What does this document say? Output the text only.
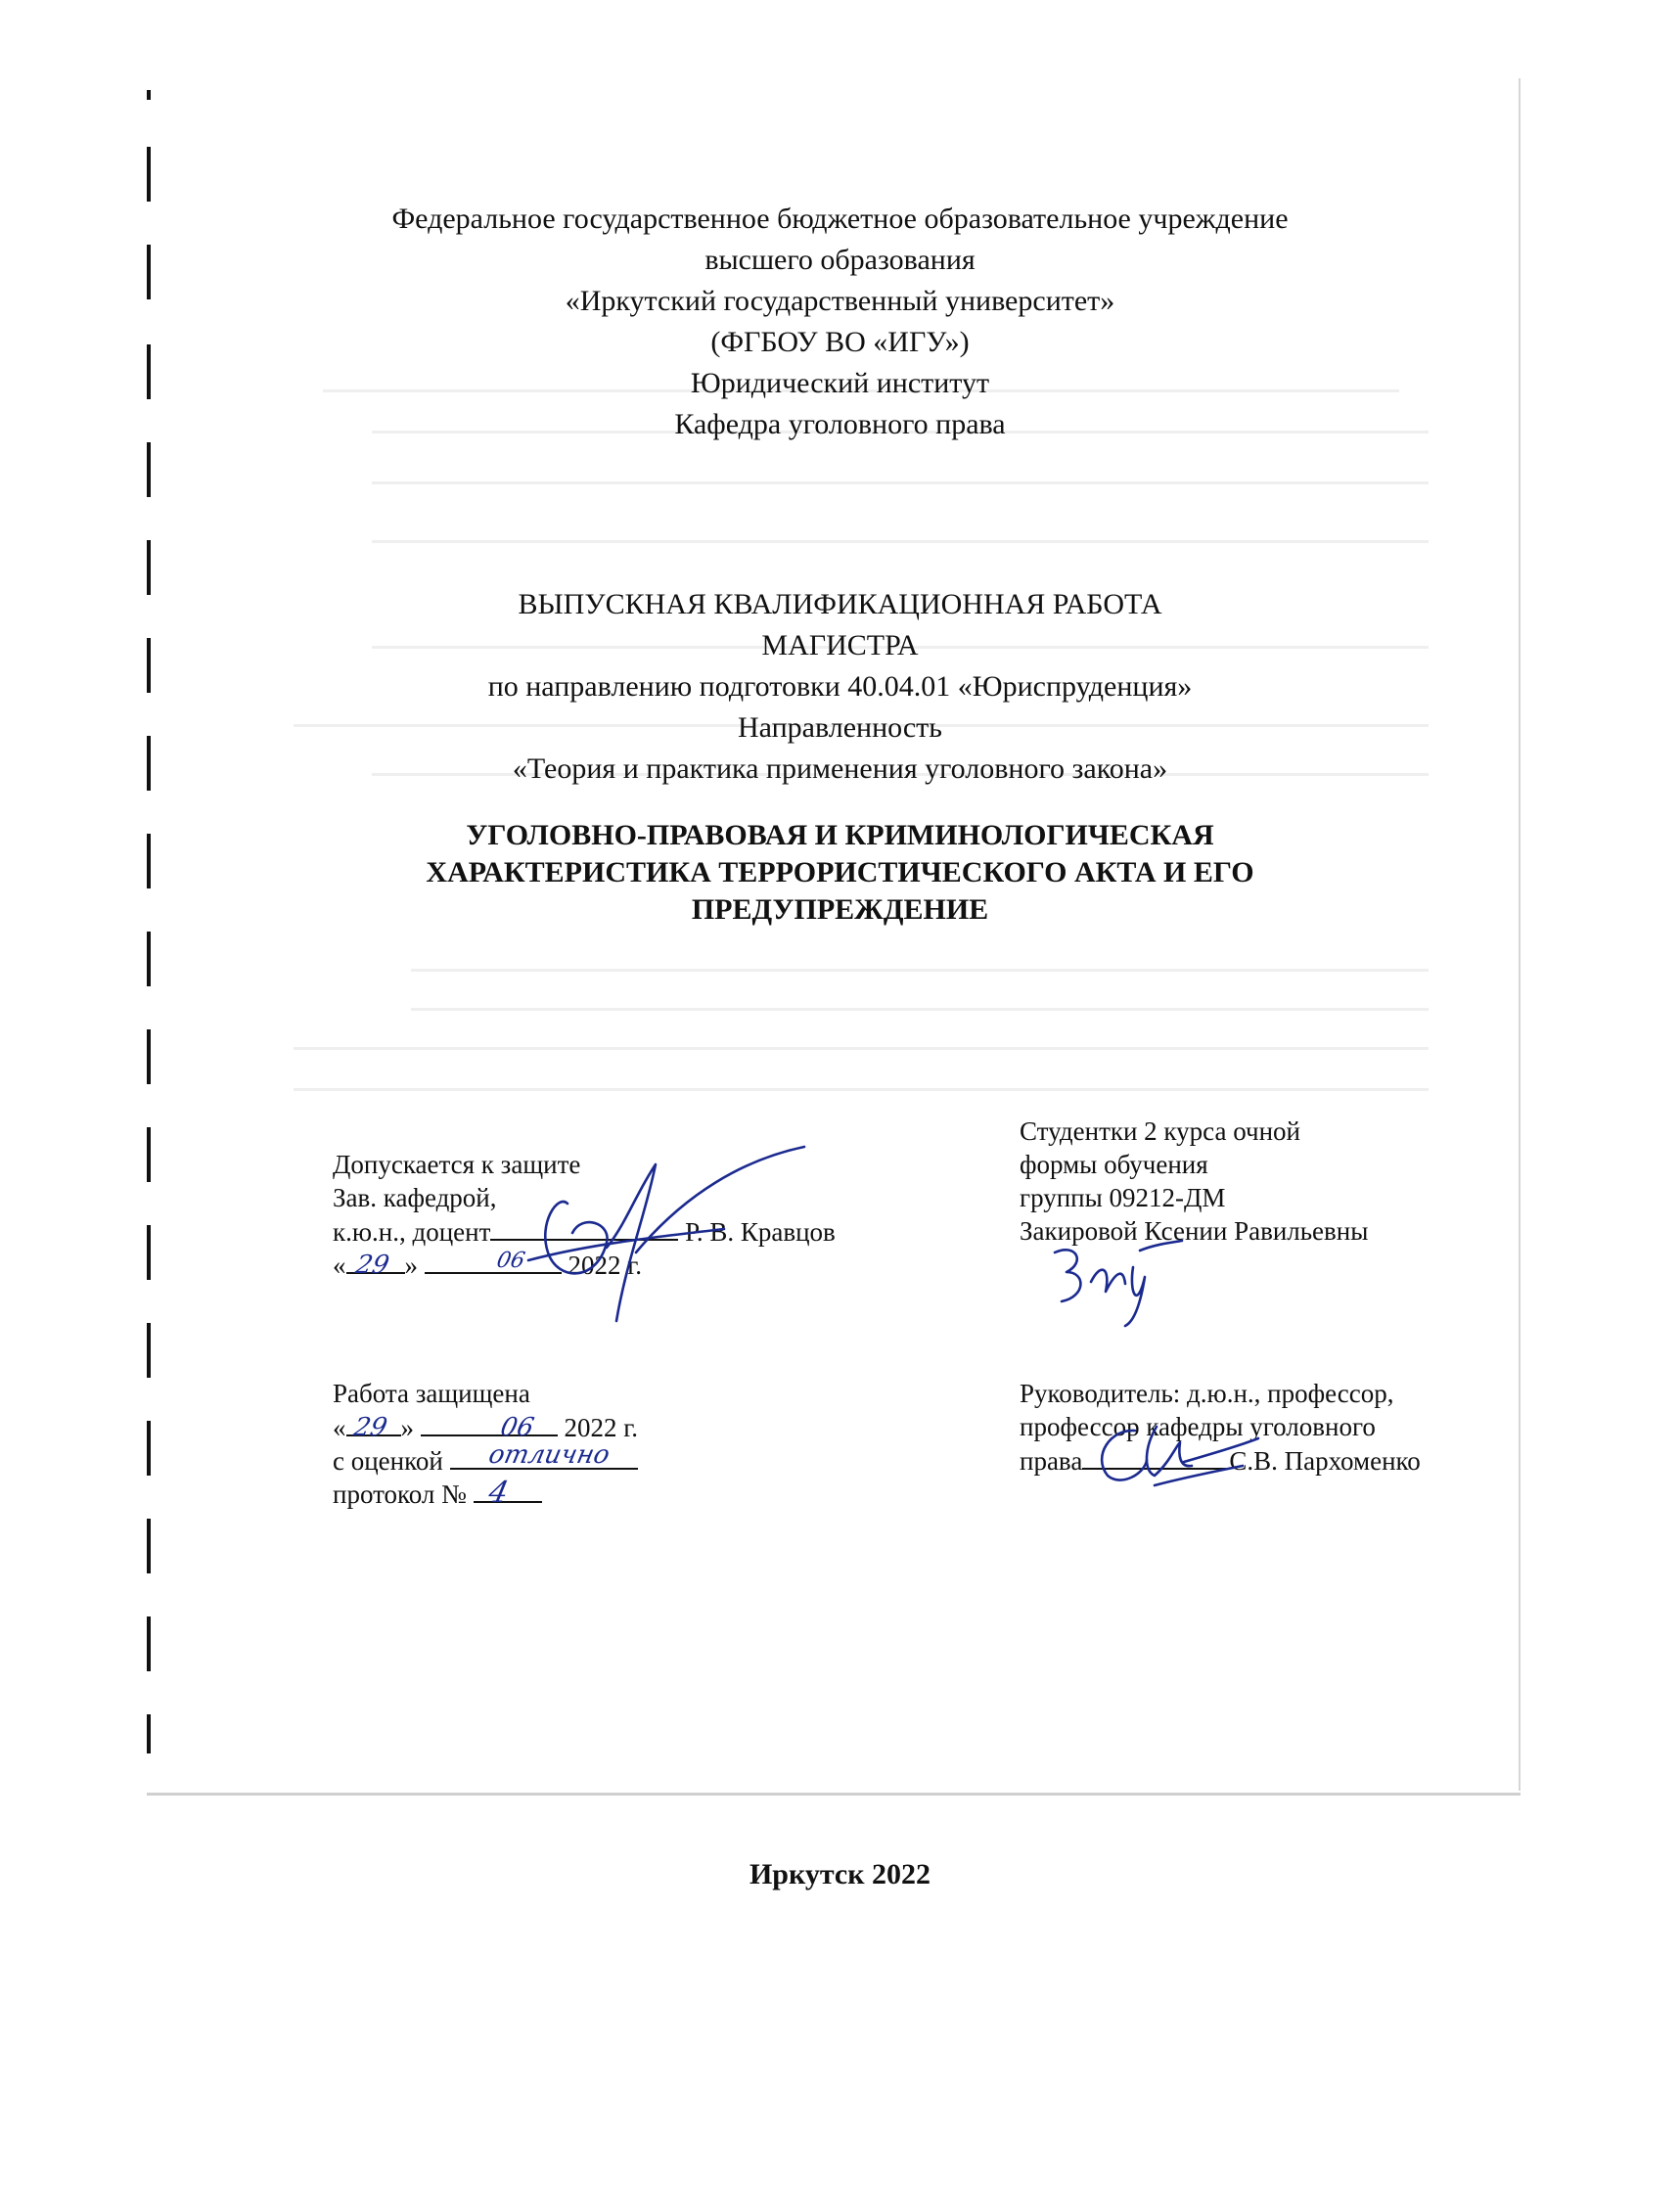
Федеральное государственное бюджетное образовательное учреждение
высшего образования
«Иркутский государственный университет»
(ФГБОУ ВО «ИГУ»)
Юридический институт
Кафедра уголовного права
ВЫПУСКНАЯ КВАЛИФИКАЦИОННАЯ РАБОТА
МАГИСТРА
по направлению подготовки 40.04.01 «Юриспруденция»
Направленность
«Теория и практика применения уголовного закона»
УГОЛОВНО-ПРАВОВАЯ И КРИМИНОЛОГИЧЕСКАЯ
ХАРАКТЕРИСТИКА ТЕРРОРИСТИЧЕСКОГО АКТА И ЕГО
ПРЕДУПРЕЖДЕНИЕ
Допускается к защите
Зав. кафедрой,
к.ю.н., доцент	Р. В. Кравцов
« »	2022 г.
29	06
Студентки 2 курса очной
формы обучения
группы 09212-ДМ
Закировой Ксении Равильевны
Работа защищена
« »	2022 г.
29	06
с оценкой	отлично
протокол № 4
Руководитель: д.ю.н., профессор,
профессор кафедры уголовного
права	С.В. Пархоменко
Иркутск 2022
